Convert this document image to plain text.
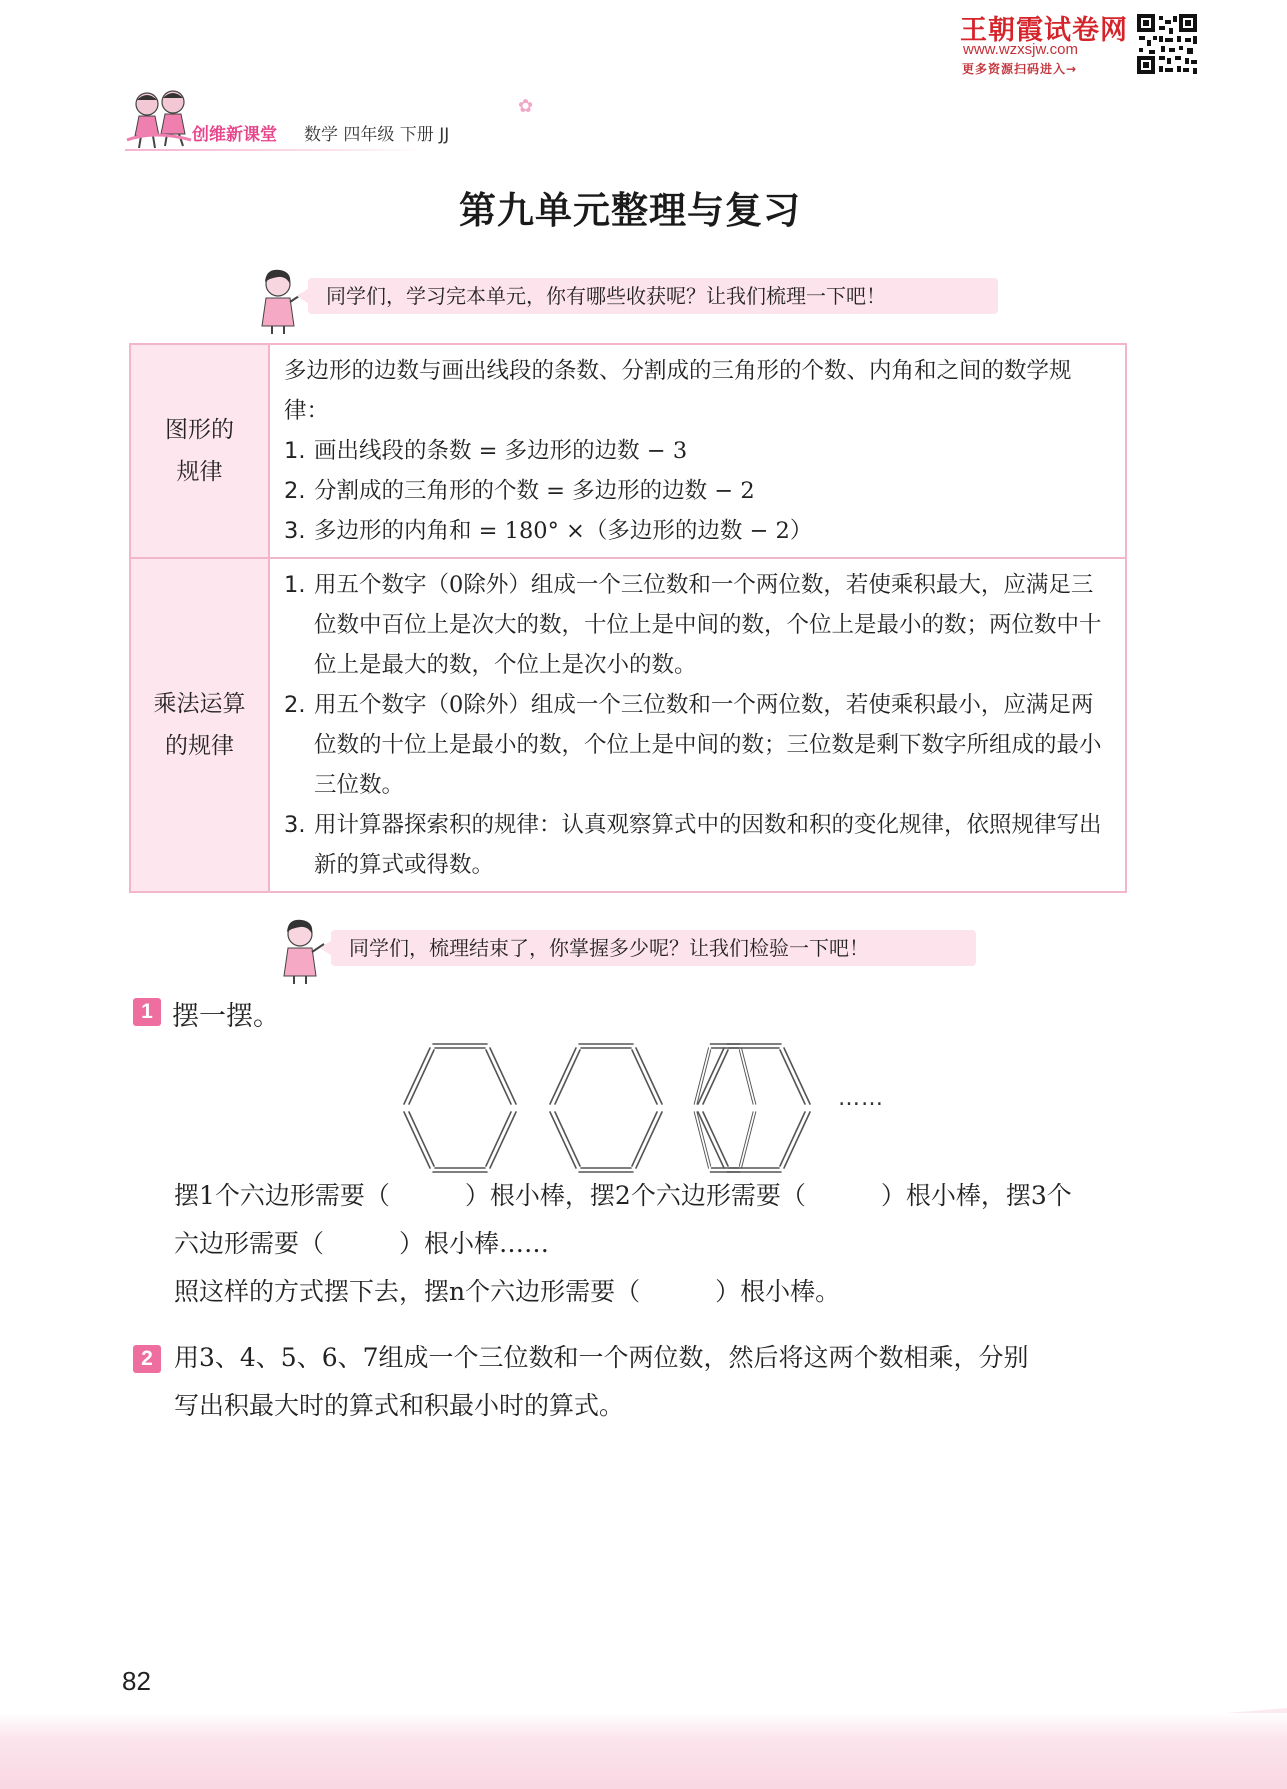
王朝霞试卷网
www.wzxsjw.com
更多资源扫码进入→
创维新课堂 数学 四年级 下册 JJ
✿
第九单元整理与复习
同学们，学习完本单元，你有哪些收获呢？让我们梳理一下吧！
图形的
规律

多边形的边数与画出线段的条数、分割成的三角形的个数、内角和之间的数学规律：

1. 画出线段的条数 = 多边形的边数 − 3
2. 分割成的三角形的个数 = 多边形的边数 − 2
3. 多边形的内角和 = 180° ×（多边形的边数 − 2）
乘法运算
的规律
1. 用五个数字（0除外）组成一个三位数和一个两位数，若使乘积最大，应满足三位数中百位上是次大的数，十位上是中间的数，个位上是最小的数；两位数中十位上是最大的数，个位上是次小的数。
2. 用五个数字（0除外）组成一个三位数和一个两位数，若使乘积最小，应满足两位数的十位上是最小的数，个位上是中间的数；三位数是剩下数字所组成的最小三位数。
3. 用计算器探索积的规律：认真观察算式中的因数和积的变化规律，依照规律写出新的算式或得数。
同学们，梳理结束了，你掌握多少呢？让我们检验一下吧！
1 摆一摆。
……
摆1个六边形需要（　　　）根小棒，摆2个六边形需要（　　　）根小棒，摆3个
六边形需要（　　　）根小棒……
照这样的方式摆下去，摆n个六边形需要（　　　）根小棒。
2 用3、4、5、6、7组成一个三位数和一个两位数，然后将这两个数相乘，分别
写出积最大时的算式和积最小时的算式。
82
